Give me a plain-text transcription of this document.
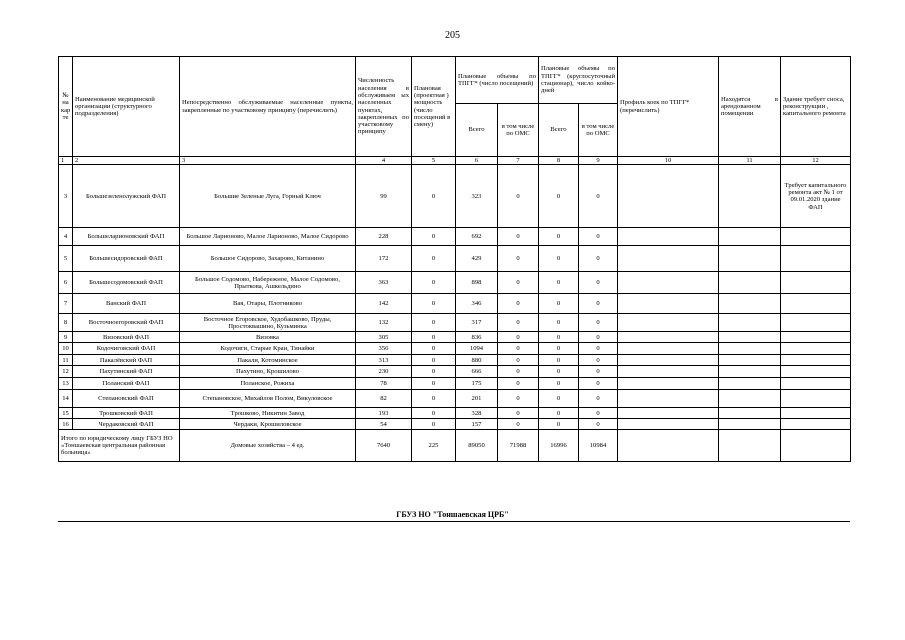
205
№ на кар те	Наименование медицинской организации (структурного подразделения)	Непосредственно обслуживаемые населенные пункты, закрепленные по участковому принципу (перечислить)	Численность населения в обслуживаем ых населенных пунктах, закрепленных по участковому принципу	Плановая (проектная ) мощность (число посещений в смену)	Плановые объемы по ТПГГ* (число посещений)		Плановые объемы по ТПГГ* (круглосуточный стационар), число койко-дней		Профиль коек по ТПГГ* (перечислить)	Находятся в арендованном помещении	Здание требует сноса, реконструкции , капитального ремонта
					Всего	в том числе по ОМС	Всего	в том числе по ОМС			
1	2	3	4	5	6	7	8	9	10	11	12
3	Большезеленолужский ФАП	Большие Зеленые Луга, Горный Ключ	99	0	323	0	0	0			Требует капитального ремонта акт № 1 от 09.01.2020 здание ФАП
4	Большеларионовский ФАП	Большое Ларионово, Малое Ларионово, Малое Сидорово	228	0	692	0	0	0			
5	Большесидоровский ФАП	Большое Сидорово, Захарово, Китанино	172	0	429	0	0	0			
6	Большесодомовский ФАП	Большое Содомово, Набережное, Малое Содомово, Прыткова, Ашкельдино	363	0	898	0	0	0			
7	Ванский ФАП	Вая, Отары, Плотниково	142	0	346	0	0	0			
8	Восточноегоровский ФАП	Восточное Егоровское, Худобашково, Пруды, Простоквашино, Кузьминка	132	0	317	0	0	0			
9	Визовский ФАП	Визовка	305	0	836	0	0	0			
10	Кодочиговский ФАП	Кодочиги, Старые Краи, Тинайки	356	0	1094	0	0	0			
11	Пакалёвский ФАП	Пакали, Котоминское	313	0	880	0	0	0			
12	Пахутинский ФАП	Пахутино, Крошилово	230	0	666	0	0	0			
13	Поланский ФАП	Поланское, Рожиха	78	0	175	0	0	0			
14	Степановский ФАП	Степановское, Михайлов Полом, Викуловское	82	0	201	0	0	0			
15	Трошковский ФАП	Трошково, Никитин Завод	193	0	328	0	0	0			
16	Чердаковский ФАП	Чердаки, Крошиловское	54	0	157	0	0	0			
Итого по юридическому лицу ГБУЗ НО «Тоншаевская центральная районная больница»		Домовые хозяйства – 4 ед.	7640	225	89050	71988	16996	10984			
ГБУЗ НО "Тоншаевская ЦРБ"
